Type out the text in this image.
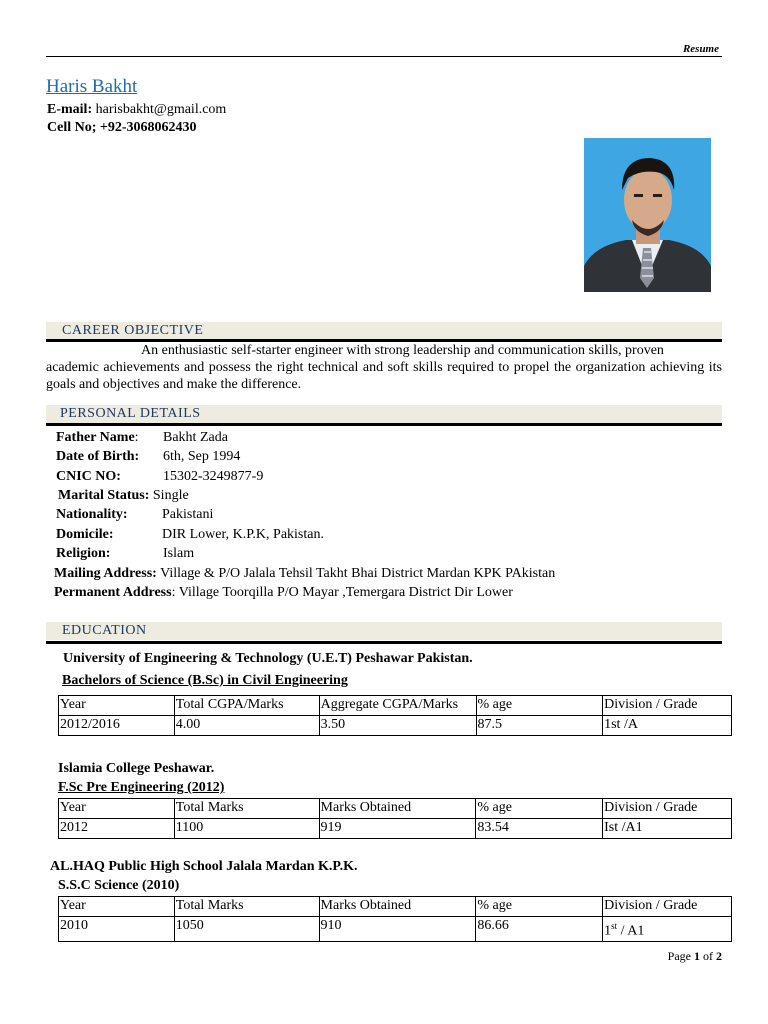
Resume
Haris Bakht
E-mail: harisbakht@gmail.com
Cell No; +92-3068062430
CAREER OBJECTIVE
An enthusiastic self-starter engineer with strong leadership and communication skills, proven
academic achievements and possess the right technical and soft skills required to propel the organization achieving its goals and objectives and make the difference.
PERSONAL DETAILS
Father Name: Bakht Zada
Date of Birth: 6th, Sep 1994
CNIC NO:	15302-3249877-9
Marital Status: Single
Nationality: Pakistani
Domicile:	DIR Lower, K.P.K, Pakistan.
Religion:	Islam
Mailing Address: Village & P/O Jalala Tehsil Takht Bhai District Mardan KPK PAkistan
Permanent Address: Village Toorqilla P/O Mayar ,Temergara District Dir Lower
EDUCATION
University of Engineering & Technology (U.E.T) Peshawar Pakistan.
Bachelors of Science (B.Sc) in Civil Engineering
Year	Total CGPA/Marks	Aggregate CGPA/Marks	% age	Division / Grade
2012/2016	4.00	3.50	87.5	1st /A
Islamia College Peshawar.
F.Sc Pre Engineering (2012)
Year	Total Marks	Marks Obtained	% age	Division / Grade
2012	1100	919	83.54	Ist /A1
AL.HAQ Public High School Jalala Mardan K.P.K.
S.S.C Science (2010)
Year	Total Marks	Marks Obtained	% age	Division / Grade
2010	1050	910	86.66	1st / A1
Page 1 of 2
